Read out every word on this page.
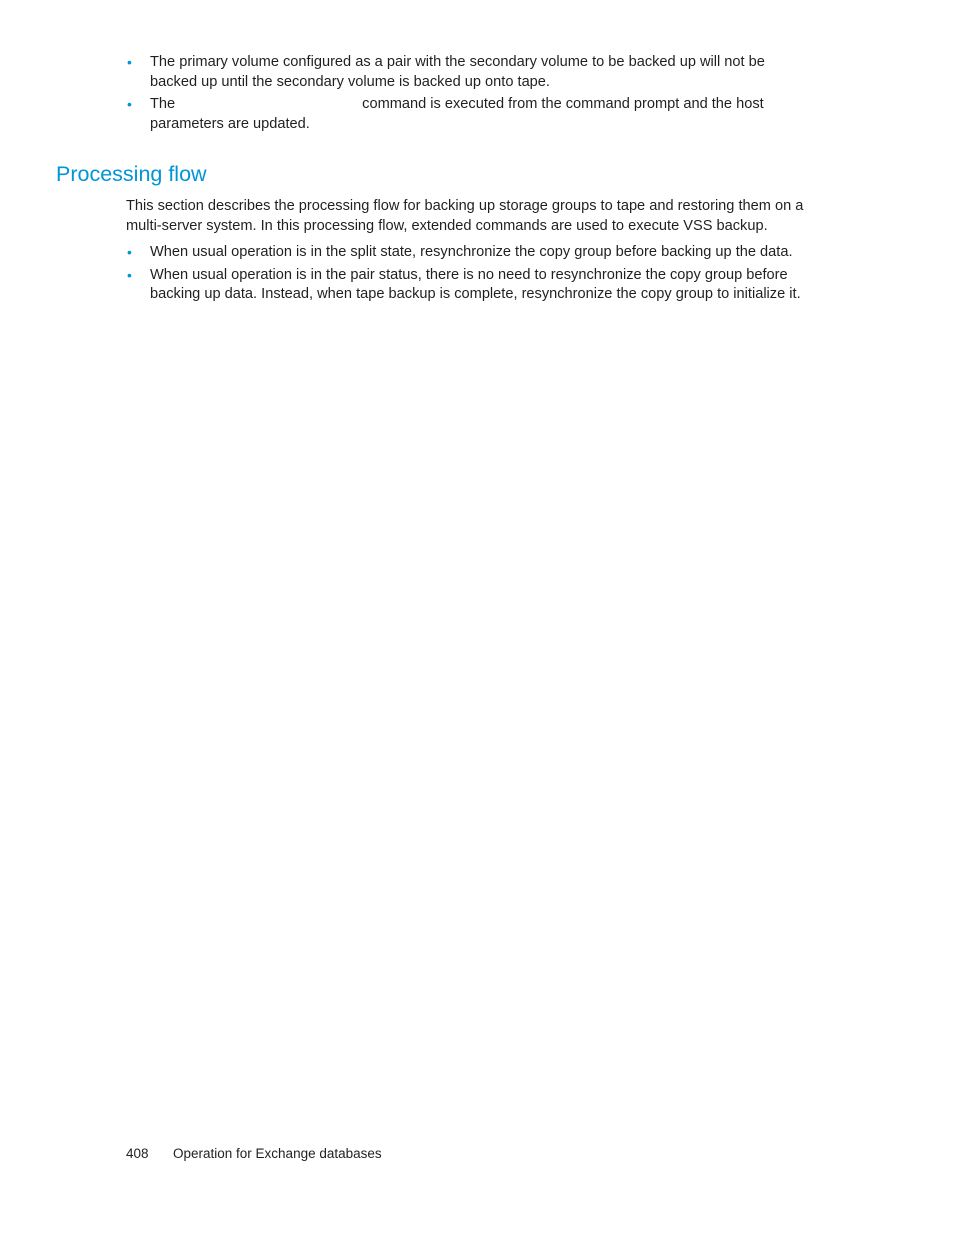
• The primary volume configured as a pair with the secondary volume to be backed up will not be backed up until the secondary volume is backed up onto tape.
• The	command is executed from the command prompt and the host parameters are updated.
Processing flow

This section describes the processing flow for backing up storage groups to tape and restoring them on a multi-server system. In this processing flow, extended commands are used to execute VSS backup.

• When usual operation is in the split state, resynchronize the copy group before backing up the data.
• When usual operation is in the pair status, there is no need to resynchronize the copy group before backing up data. Instead, when tape backup is complete, resynchronize the copy group to initialize it.
408 Operation for Exchange databases
